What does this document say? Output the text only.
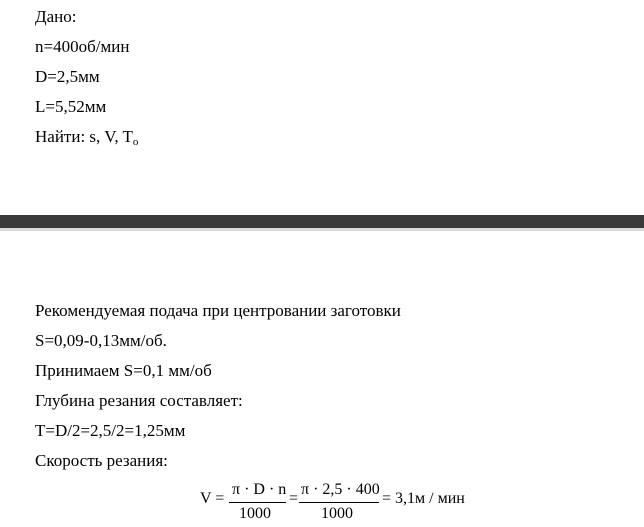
Дано:
n=400об/мин
D=2,5мм
L=5,52мм
Найти: s, V, To
Рекомендуемая подача при центровании заготовки
S=0,09-0,13мм/об.
Принимаем S=0,1 мм/об
Глубина резания составляет:
T=D/2=2,5/2=1,25мм
Скорость резания:
V =
π · D · n
1000
=
π · 2,5 · 400
1000
= 3,1м / мин
